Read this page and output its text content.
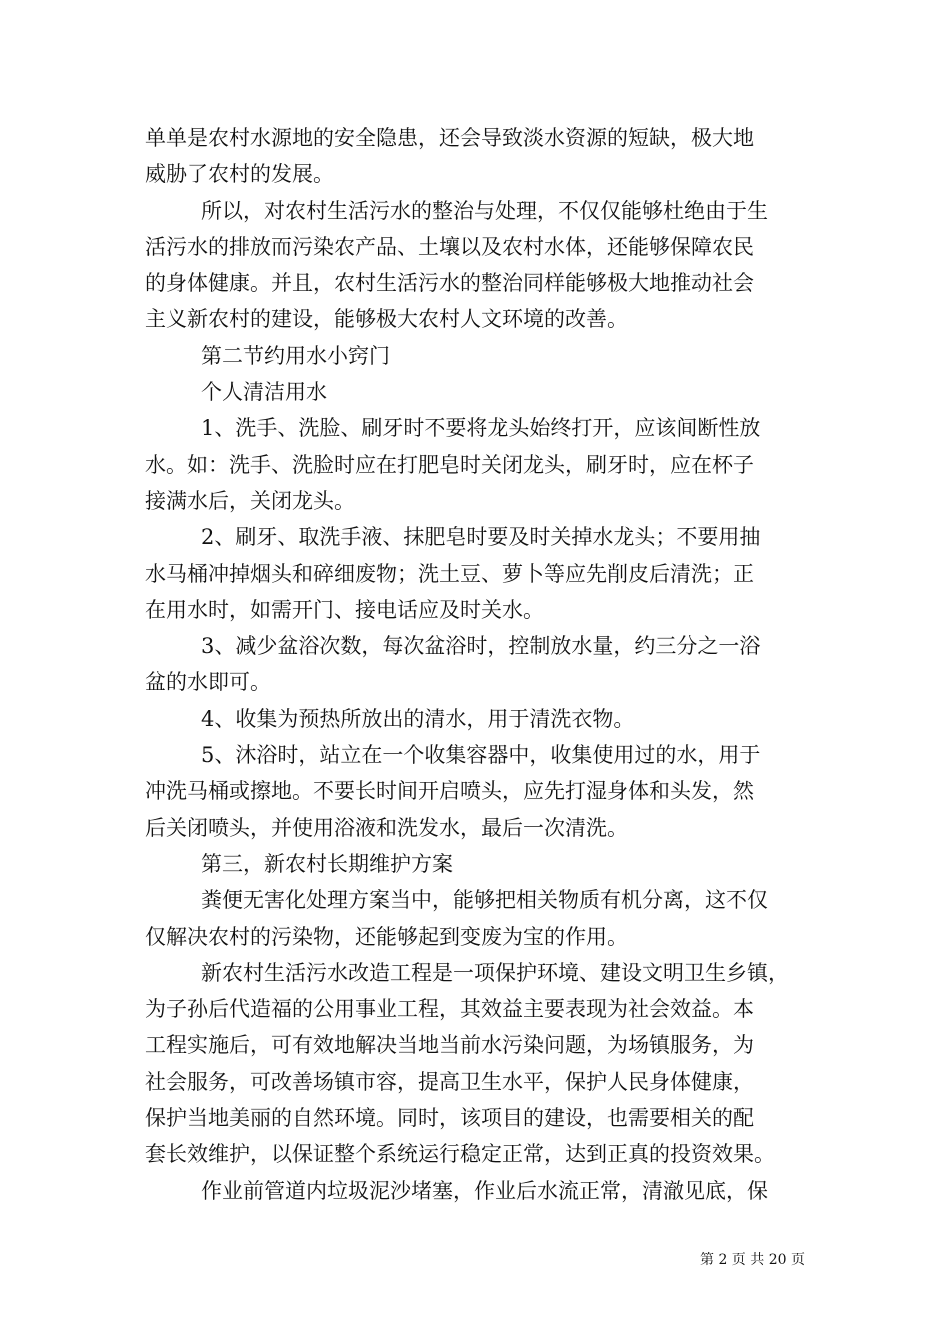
单单是农村水源地的安全隐患，还会导致淡水资源的短缺，极大地
威胁了农村的发展。
所以，对农村生活污水的整治与处理，不仅仅能够杜绝由于生
活污水的排放而污染农产品、土壤以及农村水体，还能够保障农民
的身体健康。并且，农村生活污水的整治同样能够极大地推动社会
主义新农村的建设，能够极大农村人文环境的改善。
第二节约用水小窍门
个人清洁用水
1、洗手、洗脸、刷牙时不要将龙头始终打开，应该间断性放
水。如：洗手、洗脸时应在打肥皂时关闭龙头，刷牙时，应在杯子
接满水后，关闭龙头。
2、刷牙、取洗手液、抹肥皂时要及时关掉水龙头；不要用抽
水马桶冲掉烟头和碎细废物；洗土豆、萝卜等应先削皮后清洗；正
在用水时，如需开门、接电话应及时关水。
3、减少盆浴次数，每次盆浴时，控制放水量，约三分之一浴
盆的水即可。
4、收集为预热所放出的清水，用于清洗衣物。
5、沐浴时，站立在一个收集容器中，收集使用过的水，用于
冲洗马桶或擦地。不要长时间开启喷头，应先打湿身体和头发，然
后关闭喷头，并使用浴液和洗发水，最后一次清洗。
第三，新农村长期维护方案
粪便无害化处理方案当中，能够把相关物质有机分离，这不仅
仅解决农村的污染物，还能够起到变废为宝的作用。
新农村生活污水改造工程是一项保护环境、建设文明卫生乡镇，
为子孙后代造福的公用事业工程，其效益主要表现为社会效益。本
工程实施后，可有效地解决当地当前水污染问题，为场镇服务，为
社会服务，可改善场镇市容，提高卫生水平，保护人民身体健康，
保护当地美丽的自然环境。同时，该项目的建设，也需要相关的配
套长效维护，以保证整个系统运行稳定正常，达到正真的投资效果。
作业前管道内垃圾泥沙堵塞，作业后水流正常，清澈见底，保
第 2 页 共 20 页
